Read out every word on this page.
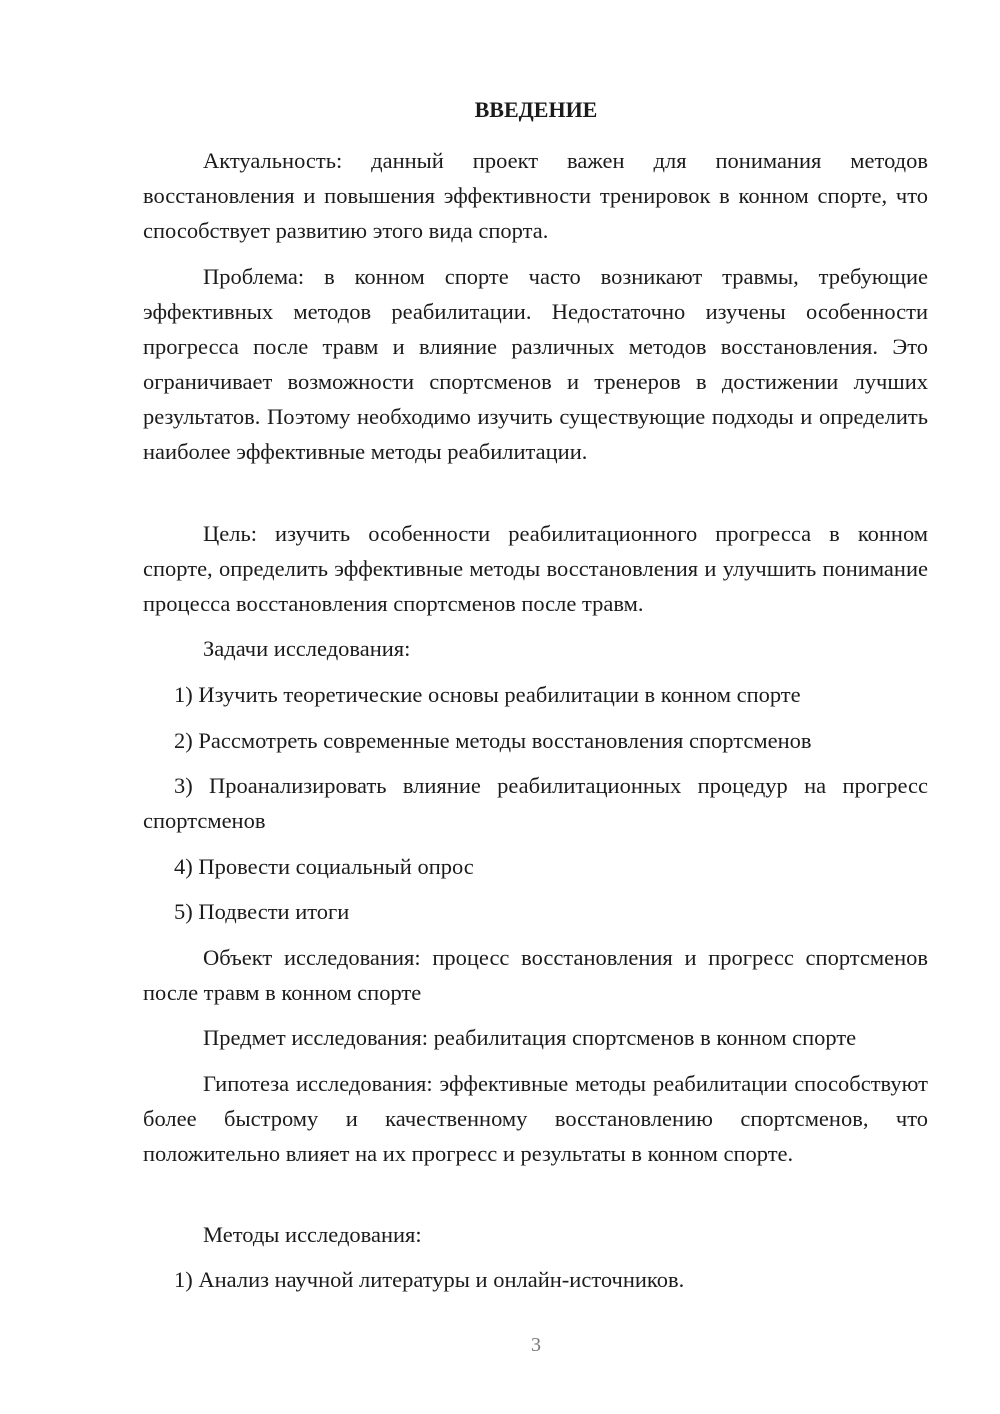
ВВЕДЕНИЕ

Актуальность: данный проект важен для понимания методов восстановления и повышения эффективности тренировок в конном спорте, что способствует развитию этого вида спорта.

Проблема: в конном спорте часто возникают травмы, требующие эффективных методов реабилитации. Недостаточно изучены особенности прогресса после травм и влияние различных методов восстановления. Это ограничивает возможности спортсменов и тренеров в достижении лучших результатов. Поэтому необходимо изучить существующие подходы и определить наиболее эффективные методы реабилитации.

Цель: изучить особенности реабилитационного прогресса в конном спорте, определить эффективные методы восстановления и улучшить понимание процесса восстановления спортсменов после травм.

Задачи исследования:

1) Изучить теоретические основы реабилитации в конном спорте

2) Рассмотреть современные методы восстановления спортсменов

3) Проанализировать влияние реабилитационных процедур на прогресс спортсменов

4) Провести социальный опрос

5) Подвести итоги

Объект исследования: процесс восстановления и прогресс спортсменов после травм в конном спорте

Предмет исследования: реабилитация спортсменов в конном спорте

Гипотеза исследования: эффективные методы реабилитации способствуют более быстрому и качественному восстановлению спортсменов, что положительно влияет на их прогресс и результаты в конном спорте.

Методы исследования:

1) Анализ научной литературы и онлайн-источников.

3
